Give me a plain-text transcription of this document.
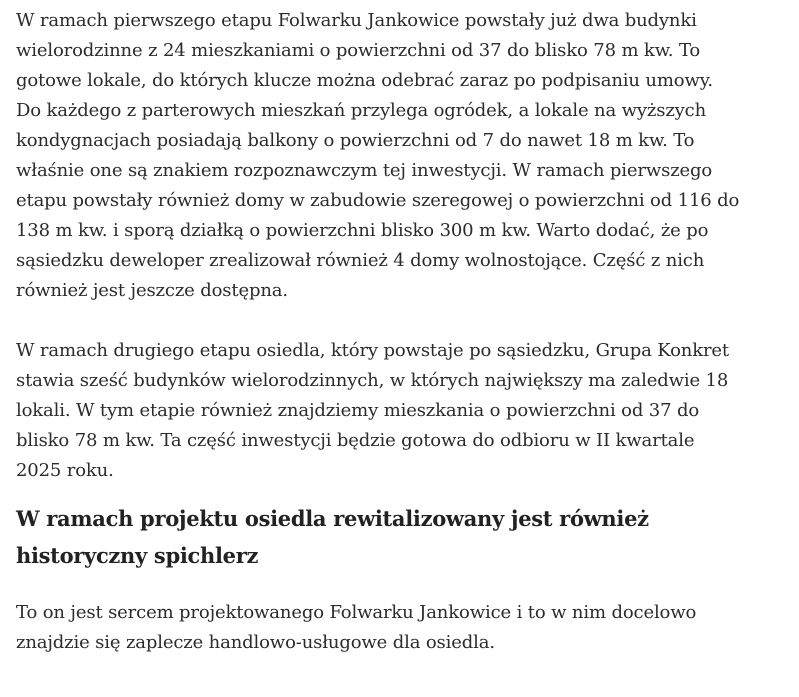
W ramach pierwszego etapu Folwarku Jankowice powstały już dwa budynki
wielorodzinne z 24 mieszkaniami o powierzchni od 37 do blisko 78 m kw. To
gotowe lokale, do których klucze można odebrać zaraz po podpisaniu umowy.
Do każdego z parterowych mieszkań przylega ogródek, a lokale na wyższych
kondygnacjach posiadają balkony o powierzchni od 7 do nawet 18 m kw. To
właśnie one są znakiem rozpoznawczym tej inwestycji. W ramach pierwszego
etapu powstały również domy w zabudowie szeregowej o powierzchni od 116 do
138 m kw. i sporą działką o powierzchni blisko 300 m kw. Warto dodać, że po
sąsiedzku deweloper zrealizował również 4 domy wolnostojące. Część z nich
również jest jeszcze dostępna.

W ramach drugiego etapu osiedla, który powstaje po sąsiedzku, Grupa Konkret
stawia sześć budynków wielorodzinnych, w których największy ma zaledwie 18
lokali. W tym etapie również znajdziemy mieszkania o powierzchni od 37 do
blisko 78 m kw. Ta część inwestycji będzie gotowa do odbioru w II kwartale
2025 roku.

W ramach projektu osiedla rewitalizowany jest również
historyczny spichlerz

To on jest sercem projektowanego Folwarku Jankowice i to w nim docelowo
znajdzie się zaplecze handlowo-usługowe dla osiedla.
